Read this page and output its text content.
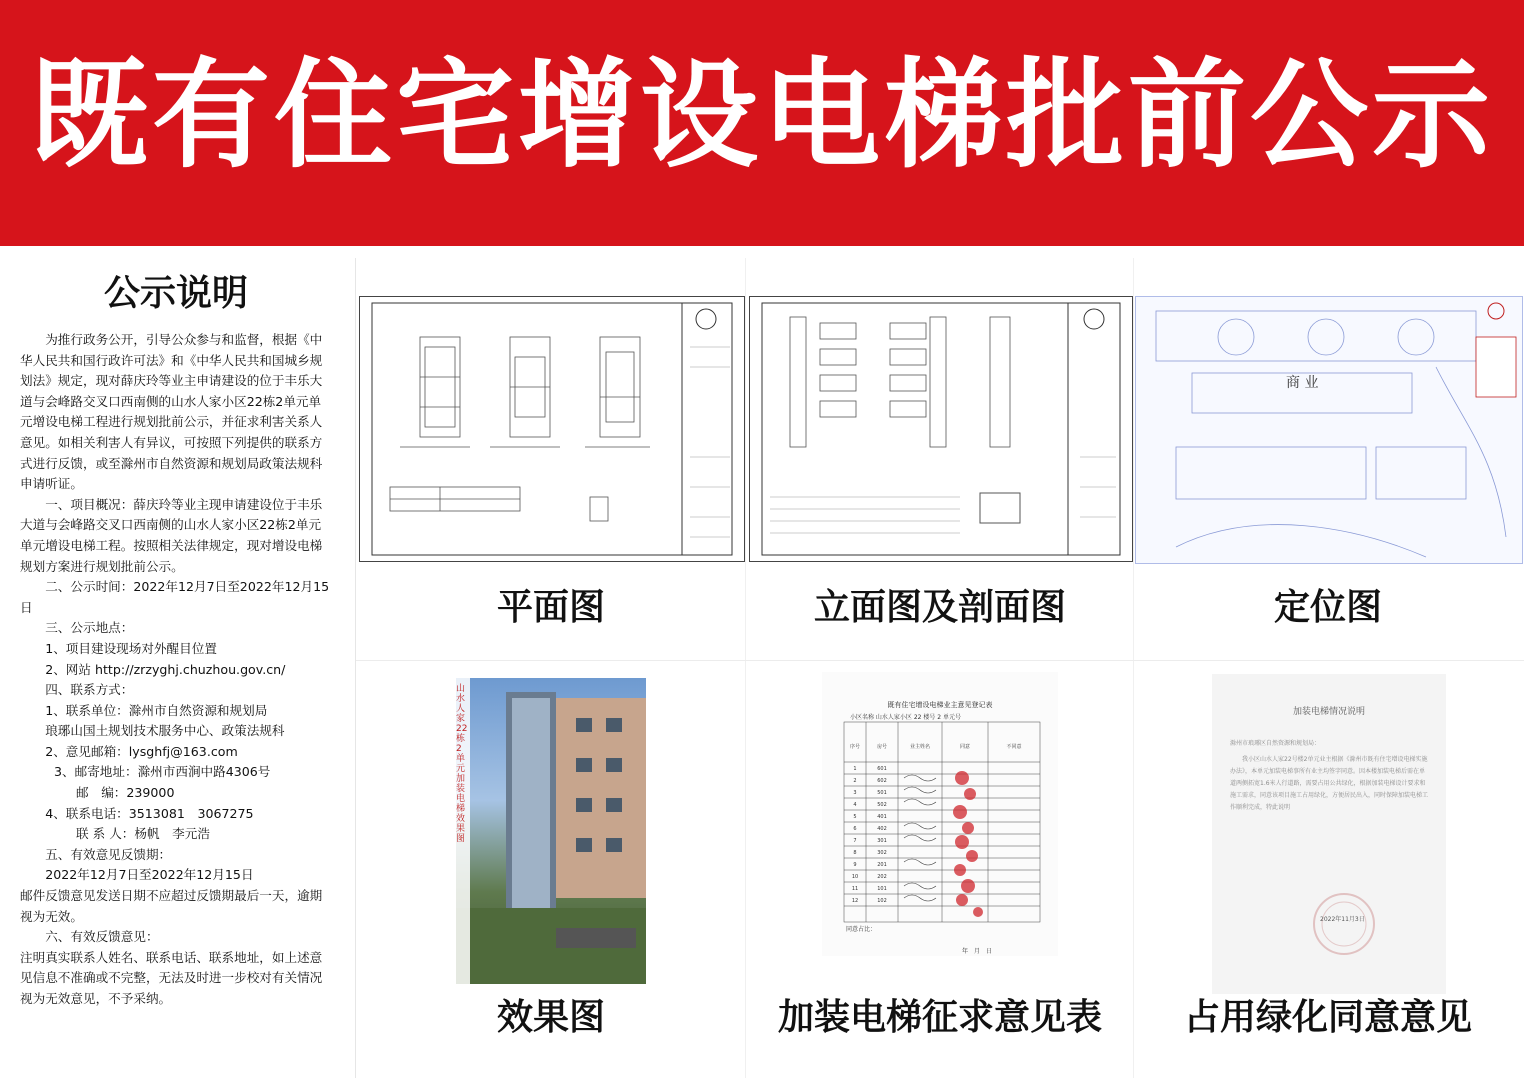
既有住宅增设电梯批前公示
公示说明

为推行政务公开，引导公众参与和监督，根据《中华人民共和国行政许可法》和《中华人民共和国城乡规划法》规定，现对薛庆玲等业主申请建设的位于丰乐大道与会峰路交叉口西南侧的山水人家小区22栋2单元单元增设电梯工程进行规划批前公示，并征求利害关系人意见。如相关利害人有异议，可按照下列提供的联系方式进行反馈，或至滁州市自然资源和规划局政策法规科申请听证。

一、项目概况：薛庆玲等业主现申请建设位于丰乐大道与会峰路交叉口西南侧的山水人家小区22栋2单元单元增设电梯工程。按照相关法律规定，现对增设电梯规划方案进行规划批前公示。

二、公示时间：2022年12月7日至2022年12月15日

三、公示地点：

1、项目建设现场对外醒目位置

2、网站 http://zrzyghj.chuzhou.gov.cn/

四、联系方式：

1、联系单位：滁州市自然资源和规划局

琅琊山国土规划技术服务中心、政策法规科

2、意见邮箱：lysghfj@163.com

3、邮寄地址：滁州市西涧中路4306号

邮　编：239000

4、联系电话：3513081　3067275

联 系 人：杨帆　李元浩

五、有效意见反馈期：

2022年12月7日至2022年12月15日

邮件反馈意见发送日期不应超过反馈期最后一天，逾期视为无效。

六、有效反馈意见：

注明真实联系人姓名、联系电话、联系地址，如上述意见信息不准确或不完整，无法及时进一步校对有关情况视为无效意见，不予采纳。

平面图	立面图及剖面图
商 业
定位图
山水人家22栋2单元加装电梯效果图
效果图
既有住宅增设电梯业主意见登记表
小区名称 山水人家小区 22 楼号 2 单元号
序号	房号	业主姓名	同意	不同意
1	601
2	602
3	501
4	502
5	401
6	402
7	301
8	302
9	201
10	202
11	101
12	102
同意占比：
年　月　日
加装电梯征求意见表
加装电梯情况说明
滁州市琅琊区自然资源和规划局：
我小区山水人家22号楼2单元业主根据《滁州市既有住宅增设电梯实施办法》，本单元加装电梯事所有业主均签字同意。因本楼加装电梯后需在单道两侧拓宽1.6米人行道路，需要占用公共绿化，根据加装电梯设计要求和施工需求，同意该项目施工占用绿化，方便居民出入，同时保障加装电梯工作顺利完成，特此说明
2022年11月3日
占用绿化同意意见
